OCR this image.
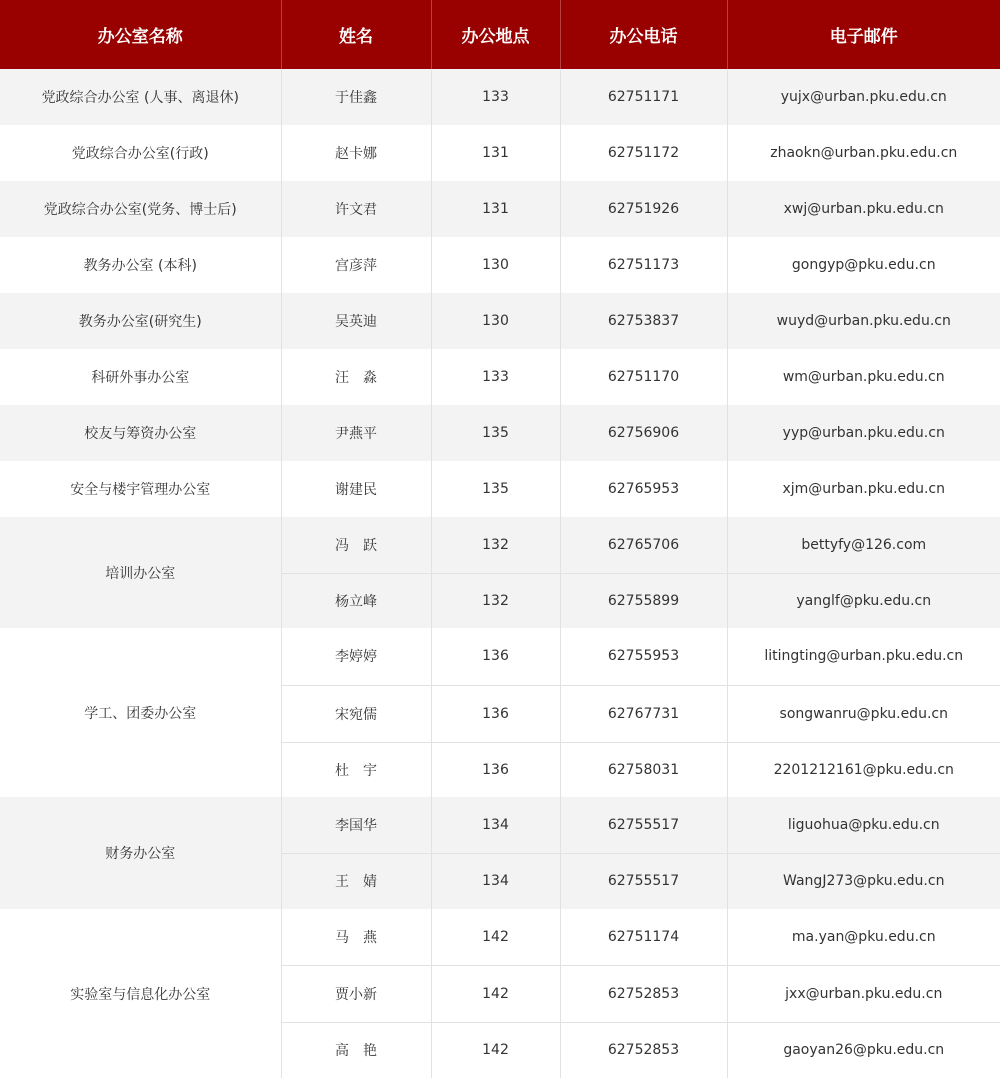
办公室名称	姓名	办公地点	办公电话	电子邮件
党政综合办公室 (人事、离退休)	于佳鑫	133	62751171	yujx@urban.pku.edu.cn
党政综合办公室(行政)	赵卡娜	131	62751172	zhaokn@urban.pku.edu.cn
党政综合办公室(党务、博士后)	许文君	131	62751926	xwj@urban.pku.edu.cn
教务办公室 (本科)	宫彦萍	130	62751173	gongyp@pku.edu.cn
教务办公室(研究生)	吴英迪	130	62753837	wuyd@urban.pku.edu.cn
科研外事办公室	汪　淼	133	62751170	wm@urban.pku.edu.cn
校友与筹资办公室	尹燕平	135	62756906	yyp@urban.pku.edu.cn
安全与楼宇管理办公室	谢建民	135	62765953	xjm@urban.pku.edu.cn
培训办公室	冯　跃	132	62765706	bettyfy@126.com
	杨立峰	132	62755899	yanglf@pku.edu.cn
学工、团委办公室	李婷婷	136	62755953	litingting@urban.pku.edu.cn
	宋宛儒	136	62767731	songwanru@pku.edu.cn
	杜　宇	136	62758031	2201212161@pku.edu.cn
财务办公室	李国华	134	62755517	liguohua@pku.edu.cn
	王　婧	134	62755517	WangJ273@pku.edu.cn
实验室与信息化办公室	马　燕	142	62751174	ma.yan@pku.edu.cn
	贾小新	142	62752853	jxx@urban.pku.edu.cn
	高　艳	142	62752853	gaoyan26@pku.edu.cn
